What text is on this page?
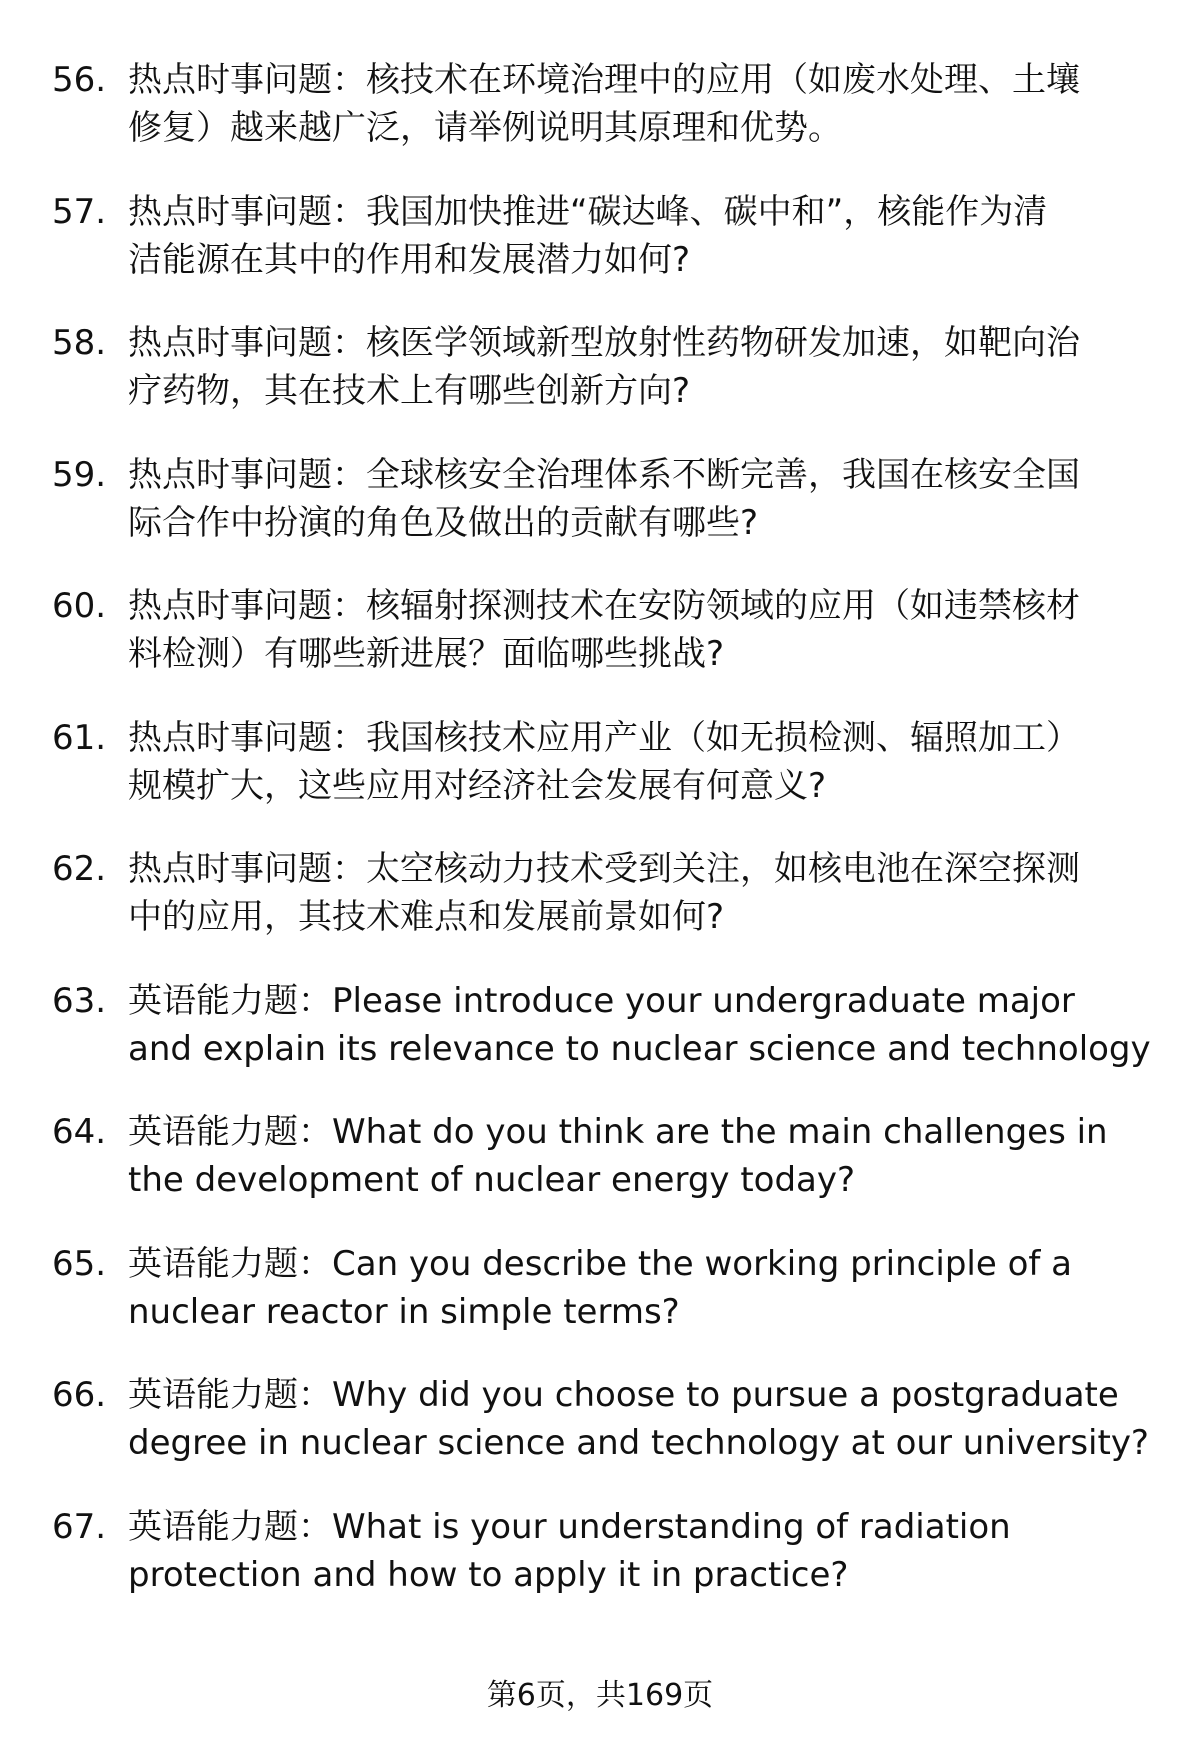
56. 热点时事问题：核技术在环境治理中的应用（如废水处理、土壤
修复）越来越广泛，请举例说明其原理和优势。
57. 热点时事问题：我国加快推进“碳达峰、碳中和”，核能作为清
洁能源在其中的作用和发展潜力如何?
58. 热点时事问题：核医学领域新型放射性药物研发加速，如靶向治
疗药物，其在技术上有哪些创新方向?
59. 热点时事问题：全球核安全治理体系不断完善，我国在核安全国
际合作中扮演的角色及做出的贡献有哪些?
60. 热点时事问题：核辐射探测技术在安防领域的应用（如违禁核材
料检测）有哪些新进展？面临哪些挑战?
61. 热点时事问题：我国核技术应用产业（如无损检测、辐照加工）
规模扩大，这些应用对经济社会发展有何意义?
62. 热点时事问题：太空核动力技术受到关注，如核电池在深空探测
中的应用，其技术难点和发展前景如何?
63. 英语能力题：Please introduce your undergraduate major
and explain its relevance to nuclear science and technology
64. 英语能力题：What do you think are the main challenges in
the development of nuclear energy today?
65. 英语能力题：Can you describe the working principle of a
nuclear reactor in simple terms?
66. 英语能力题：Why did you choose to pursue a postgraduate
degree in nuclear science and technology at our university?
67. 英语能力题：What is your understanding of radiation
protection and how to apply it in practice?
第6页，共169页
